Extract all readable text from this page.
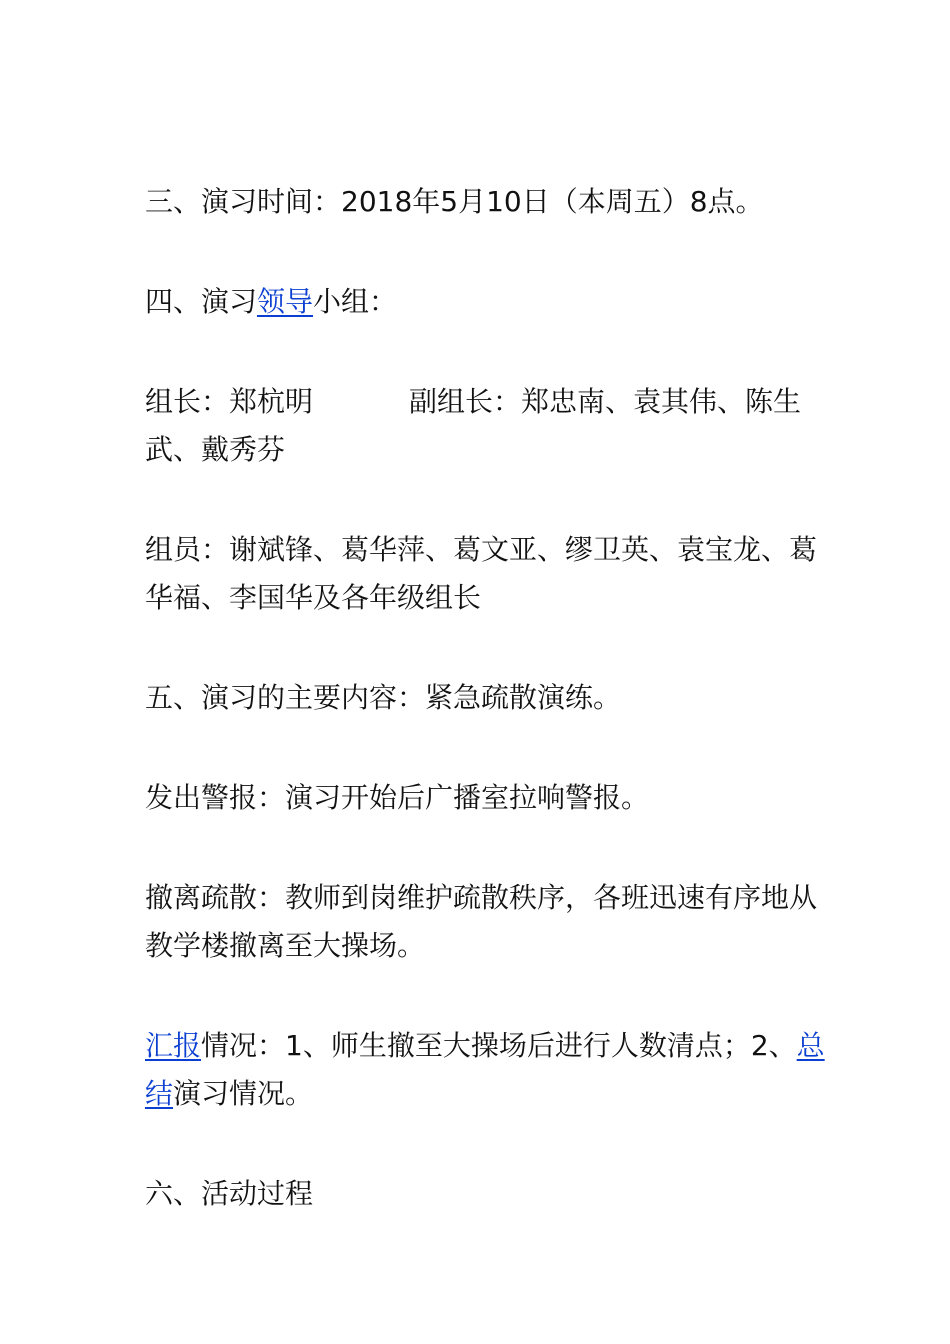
三、演习时间：2018年5月10日（本周五）8点。

四、演习领导小组：

组长：郑杭明	副组长：郑忠南、袁其伟、陈生武、戴秀芬

组员：谢斌锋、葛华萍、葛文亚、缪卫英、袁宝龙、葛华福、李国华及各年级组长

五、演习的主要内容：紧急疏散演练。

发出警报：演习开始后广播室拉响警报。

撤离疏散：教师到岗维护疏散秩序，各班迅速有序地从教学楼撤离至大操场。

汇报情况：1、师生撤至大操场后进行人数清点；2、总结演习情况。

六、活动过程
